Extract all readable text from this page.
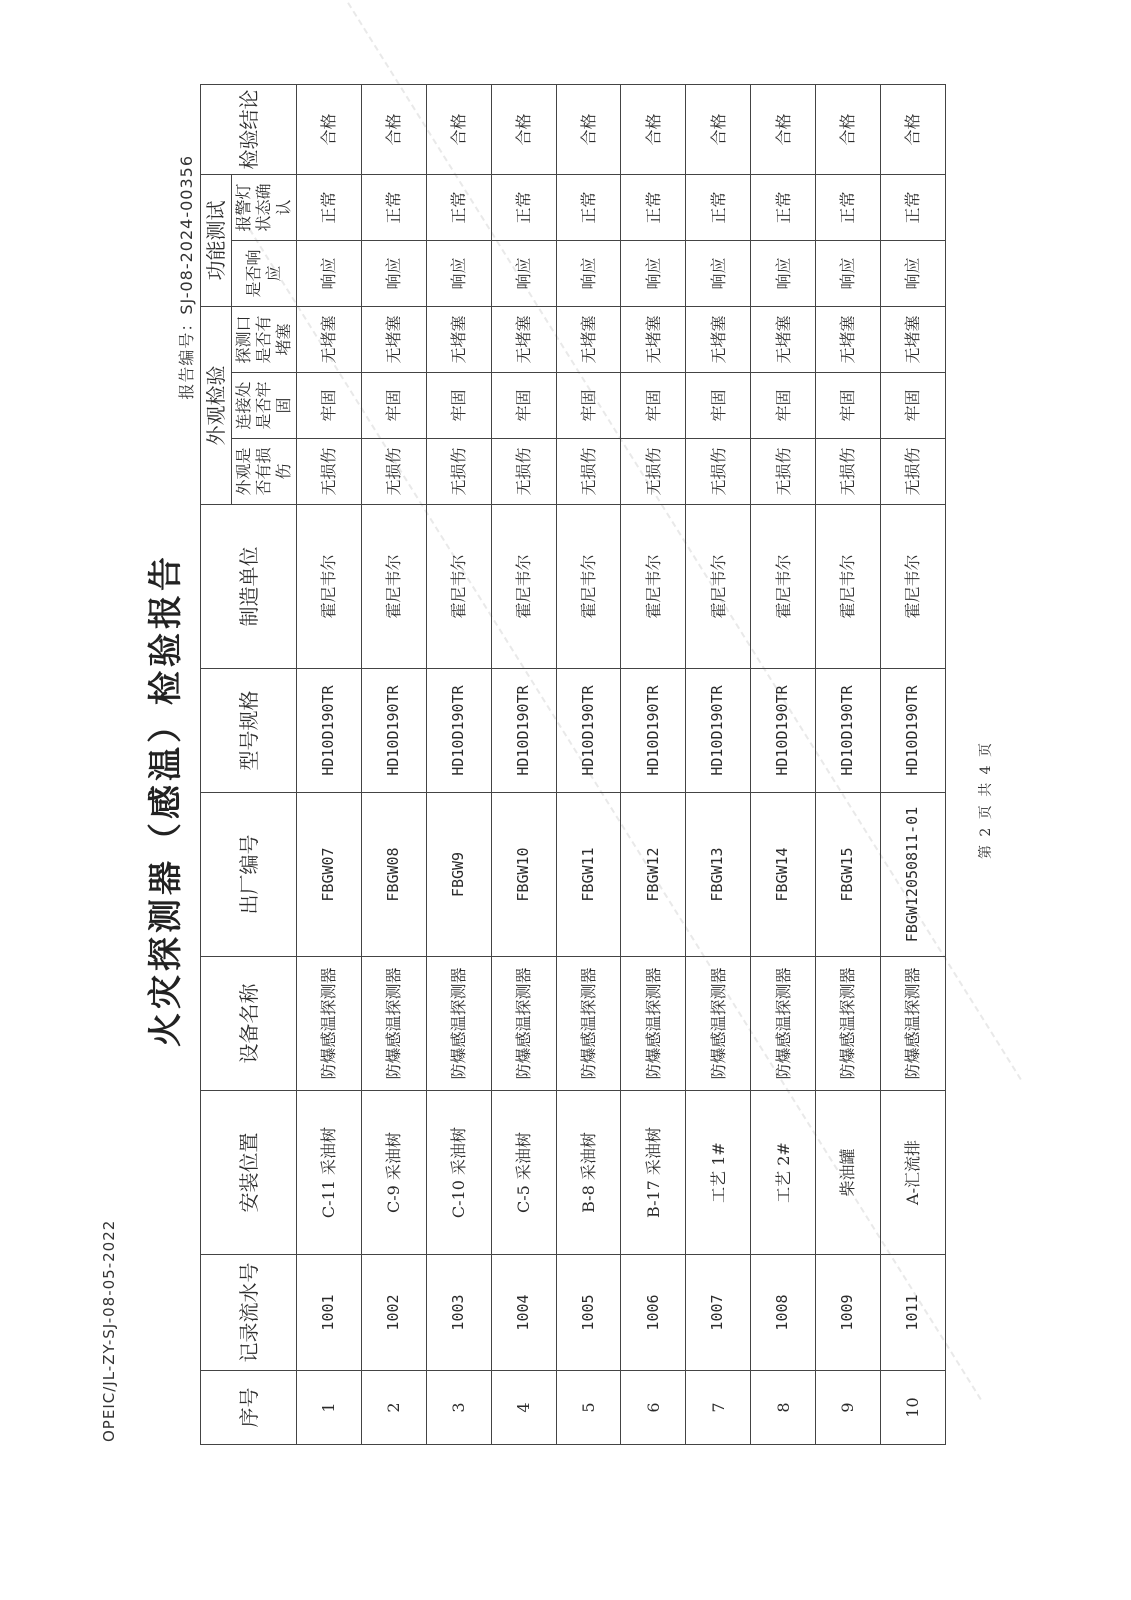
OPEIC/JL-ZY-SJ-08-05-2022
火灾探测器（感温）检验报告
报告编号：SJ-08-2024-00356
序号	记录流水号	安装位置	设备名称	出厂编号	型号规格	制造单位	外观检验			功能测试		检验结论
							外观是否有损伤	连接处是否牢固	探测口是否有堵塞	是否响应	报警灯状态确认	
1	1001	C-11 采油树	防爆感温探测器	FBGW07	HD10D190TR	霍尼韦尔	无损伤	牢固	无堵塞	响应	正常	合格
2	1002	C-9 采油树	防爆感温探测器	FBGW08	HD10D190TR	霍尼韦尔	无损伤	牢固	无堵塞	响应	正常	合格
3	1003	C-10 采油树	防爆感温探测器	FBGW9	HD10D190TR	霍尼韦尔	无损伤	牢固	无堵塞	响应	正常	合格
4	1004	C-5 采油树	防爆感温探测器	FBGW10	HD10D190TR	霍尼韦尔	无损伤	牢固	无堵塞	响应	正常	合格
5	1005	B-8 采油树	防爆感温探测器	FBGW11	HD10D190TR	霍尼韦尔	无损伤	牢固	无堵塞	响应	正常	合格
6	1006	B-17 采油树	防爆感温探测器	FBGW12	HD10D190TR	霍尼韦尔	无损伤	牢固	无堵塞	响应	正常	合格
7	1007	工艺 1#	防爆感温探测器	FBGW13	HD10D190TR	霍尼韦尔	无损伤	牢固	无堵塞	响应	正常	合格
8	1008	工艺 2#	防爆感温探测器	FBGW14	HD10D190TR	霍尼韦尔	无损伤	牢固	无堵塞	响应	正常	合格
9	1009	柴油罐	防爆感温探测器	FBGW15	HD10D190TR	霍尼韦尔	无损伤	牢固	无堵塞	响应	正常	合格
10	1011	A-汇流排	防爆感温探测器	FBGW12050811-01	HD10D190TR	霍尼韦尔	无损伤	牢固	无堵塞	响应	正常	合格
第 2 页 共 4 页
